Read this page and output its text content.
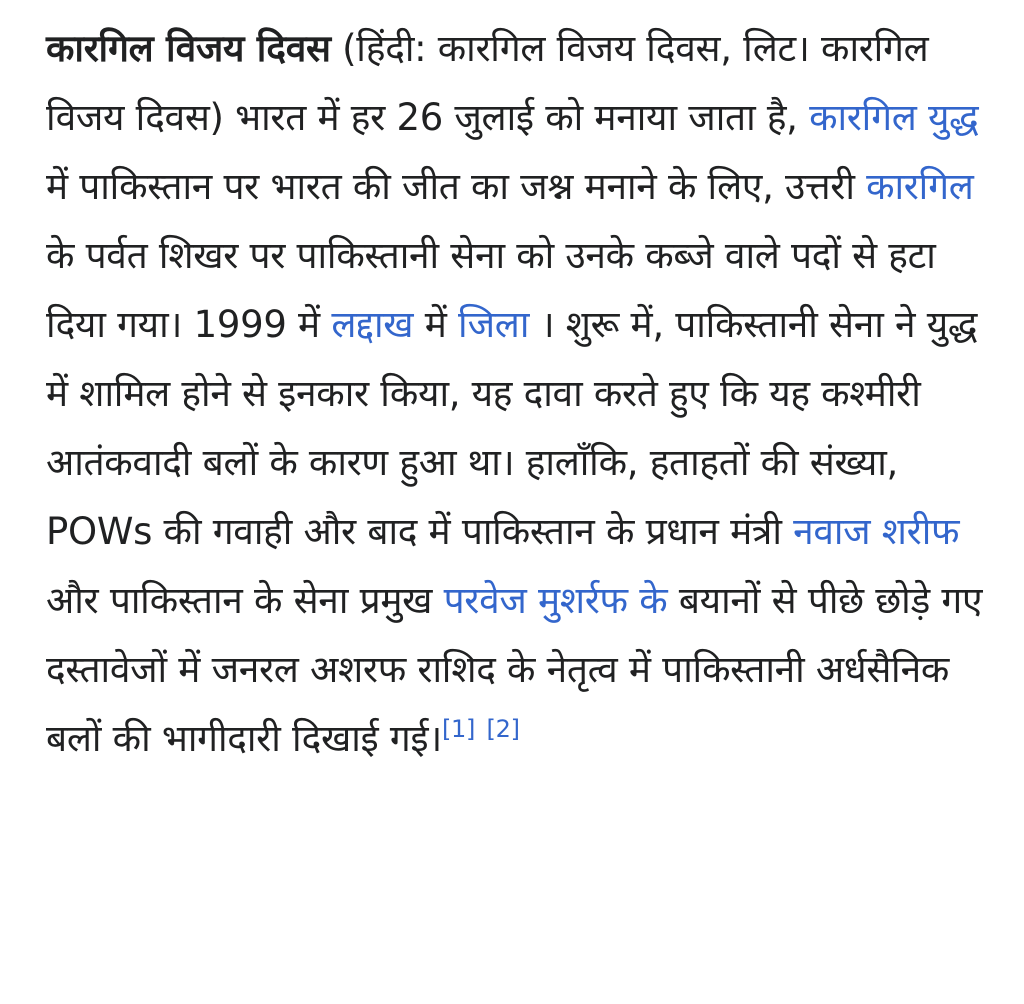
कारगिल विजय दिवस (हिंदी: कारगिल विजय दिवस, लिट। कारगिल विजय दिवस) भारत में हर 26 जुलाई को मनाया जाता है, कारगिल युद्ध में पाकिस्तान पर भारत की जीत का जश्न मनाने के लिए, उत्तरी कारगिल के पर्वत शिखर पर पाकिस्तानी सेना को उनके कब्जे वाले पदों से हटा दिया गया। 1999 में लद्दाख में जिला । शुरू में, पाकिस्तानी सेना ने युद्ध में शामिल होने से इनकार किया, यह दावा करते हुए कि यह कश्मीरी आतंकवादी बलों के कारण हुआ था। हालाँकि, हताहतों की संख्या, POWs की गवाही और बाद में पाकिस्तान के प्रधान मंत्री नवाज शरीफ और पाकिस्तान के सेना प्रमुख परवेज मुशर्रफ के बयानों से पीछे छोड़े गए दस्तावेजों में जनरल अशरफ राशिद के नेतृत्व में पाकिस्तानी अर्धसैनिक बलों की भागीदारी दिखाई गई।[1] [2]
